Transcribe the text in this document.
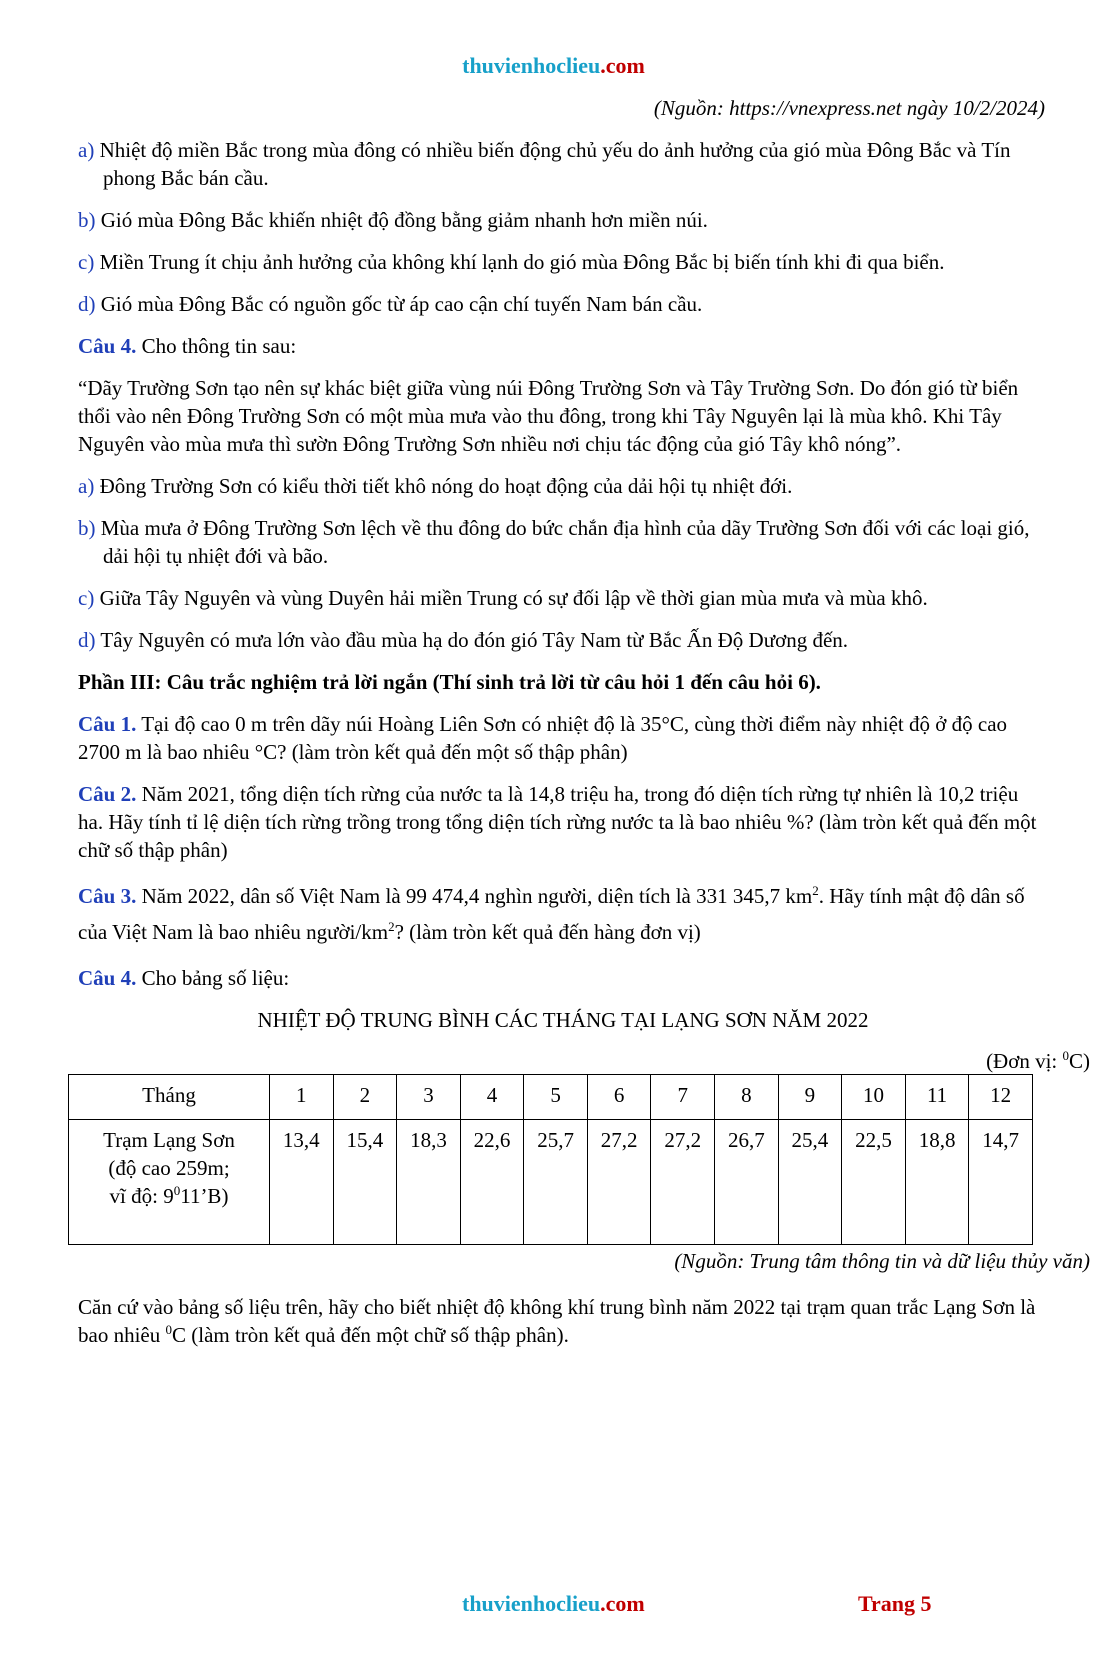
thuvienhoclieu.com
(Nguồn: https://vnexpress.net ngày 10/2/2024)
a) Nhiệt độ miền Bắc trong mùa đông có nhiều biến động chủ yếu do ảnh hưởng của gió mùa Đông Bắc và Tín phong Bắc bán cầu.
b) Gió mùa Đông Bắc khiến nhiệt độ đồng bằng giảm nhanh hơn miền núi.
c) Miền Trung ít chịu ảnh hưởng của không khí lạnh do gió mùa Đông Bắc bị biến tính khi đi qua biển.
d) Gió mùa Đông Bắc có nguồn gốc từ áp cao cận chí tuyến Nam bán cầu.
Câu 4. Cho thông tin sau:
“Dãy Trường Sơn tạo nên sự khác biệt giữa vùng núi Đông Trường Sơn và Tây Trường Sơn. Do đón gió từ biển thổi vào nên Đông Trường Sơn có một mùa mưa vào thu đông, trong khi Tây Nguyên lại là mùa khô. Khi Tây Nguyên vào mùa mưa thì sườn Đông Trường Sơn nhiều nơi chịu tác động của gió Tây khô nóng”.
a) Đông Trường Sơn có kiểu thời tiết khô nóng do hoạt động của dải hội tụ nhiệt đới.
b) Mùa mưa ở Đông Trường Sơn lệch về thu đông do bức chắn địa hình của dãy Trường Sơn đối với các loại gió, dải hội tụ nhiệt đới và bão.
c) Giữa Tây Nguyên và vùng Duyên hải miền Trung có sự đối lập về thời gian mùa mưa và mùa khô.
d) Tây Nguyên có mưa lớn vào đầu mùa hạ do đón gió Tây Nam từ Bắc Ấn Độ Dương đến.
Phần III: Câu trắc nghiệm trả lời ngắn (Thí sinh trả lời từ câu hỏi 1 đến câu hỏi 6).
Câu 1. Tại độ cao 0 m trên dãy núi Hoàng Liên Sơn có nhiệt độ là 35°C, cùng thời điểm này nhiệt độ ở độ cao 2700 m là bao nhiêu °C? (làm tròn kết quả đến một số thập phân)
Câu 2. Năm 2021, tổng diện tích rừng của nước ta là 14,8 triệu ha, trong đó diện tích rừng tự nhiên là 10,2 triệu ha. Hãy tính tỉ lệ diện tích rừng trồng trong tổng diện tích rừng nước ta là bao nhiêu %? (làm tròn kết quả đến một chữ số thập phân)
Câu 3. Năm 2022, dân số Việt Nam là 99 474,4 nghìn người, diện tích là 331 345,7 $km^2$. Hãy tính mật độ dân số của Việt Nam là bao nhiêu người/$km^2$? (làm tròn kết quả đến hàng đơn vị)
Câu 4. Cho bảng số liệu:
NHIỆT ĐỘ TRUNG BÌNH CÁC THÁNG TẠI LẠNG SƠN NĂM 2022
(Đơn vị: $^0$C)
Tháng	1	2	3	4	5	6	7	8	9	10	11	12

Trạm Lạng Sơn
(độ cao 259m;
vĩ độ: $9^011’B$)	13,4	15,4	18,3	22,6	25,7	27,2	27,2	26,7	25,4	22,5	18,8	14,7
(Nguồn: Trung tâm thông tin và dữ liệu thủy văn)
Căn cứ vào bảng số liệu trên, hãy cho biết nhiệt độ không khí trung bình năm 2022 tại trạm quan trắc Lạng Sơn là bao nhiêu $^0$C (làm tròn kết quả đến một chữ số thập phân).
thuvienhoclieu.com	Trang 5
